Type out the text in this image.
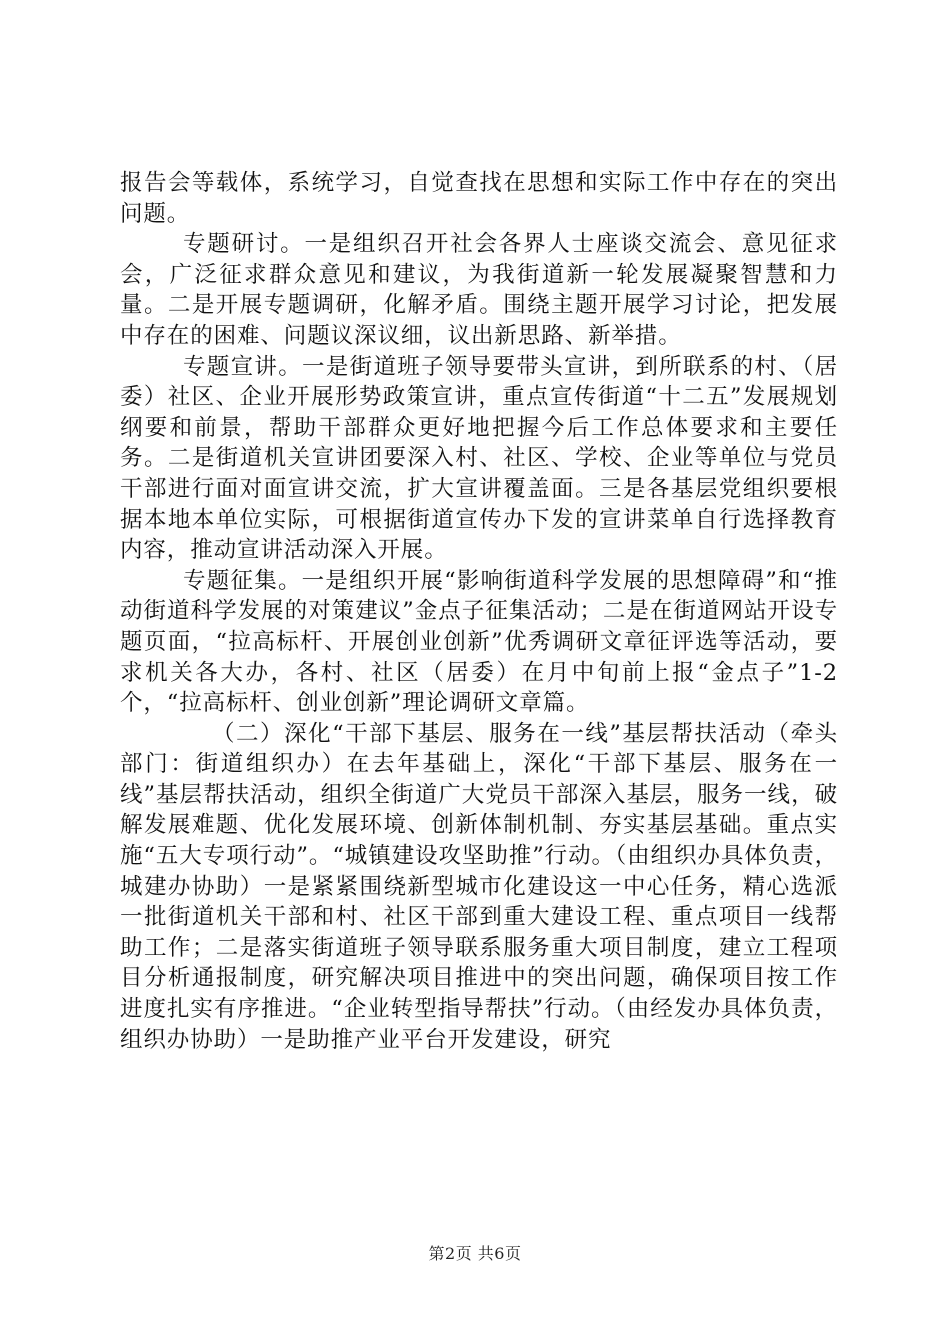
报告会等载体，系统学习，自觉查找在思想和实际工作中存在的突出问题。

专题研讨。一是组织召开社会各界人士座谈交流会、意见征求会，广泛征求群众意见和建议，为我街道新一轮发展凝聚智慧和力量。二是开展专题调研，化解矛盾。围绕主题开展学习讨论，把发展中存在的困难、问题议深议细，议出新思路、新举措。

专题宣讲。一是街道班子领导要带头宣讲，到所联系的村、（居委）社区、企业开展形势政策宣讲，重点宣传街道“十二五”发展规划纲要和前景，帮助干部群众更好地把握今后工作总体要求和主要任务。二是街道机关宣讲团要深入村、社区、学校、企业等单位与党员干部进行面对面宣讲交流，扩大宣讲覆盖面。三是各基层党组织要根据本地本单位实际，可根据街道宣传办下发的宣讲菜单自行选择教育内容，推动宣讲活动深入开展。

专题征集。一是组织开展“影响街道科学发展的思想障碍”和“推动街道科学发展的对策建议”金点子征集活动；二是在街道网站开设专题页面，“拉高标杆、开展创业创新”优秀调研文章征评选等活动，要求机关各大办，各村、社区（居委）在月中旬前上报“金点子”1-2个，“拉高标杆、创业创新”理论调研文章篇。

（二）深化“干部下基层、服务在一线”基层帮扶活动（牵头部门：街道组织办）在去年基础上，深化“干部下基层、服务在一线”基层帮扶活动，组织全街道广大党员干部深入基层，服务一线，破解发展难题、优化发展环境、创新体制机制、夯实基层基础。重点实施“五大专项行动”。“城镇建设攻坚助推”行动。（由组织办具体负责，城建办协助）一是紧紧围绕新型城市化建设这一中心任务，精心选派一批街道机关干部和村、社区干部到重大建设工程、重点项目一线帮助工作；二是落实街道班子领导联系服务重大项目制度，建立工程项目分析通报制度，研究解决项目推进中的突出问题，确保项目按工作进度扎实有序推进。“企业转型指导帮扶”行动。（由经发办具体负责，组织办协助）一是助推产业平台开发建设，研究

第2页 共6页
